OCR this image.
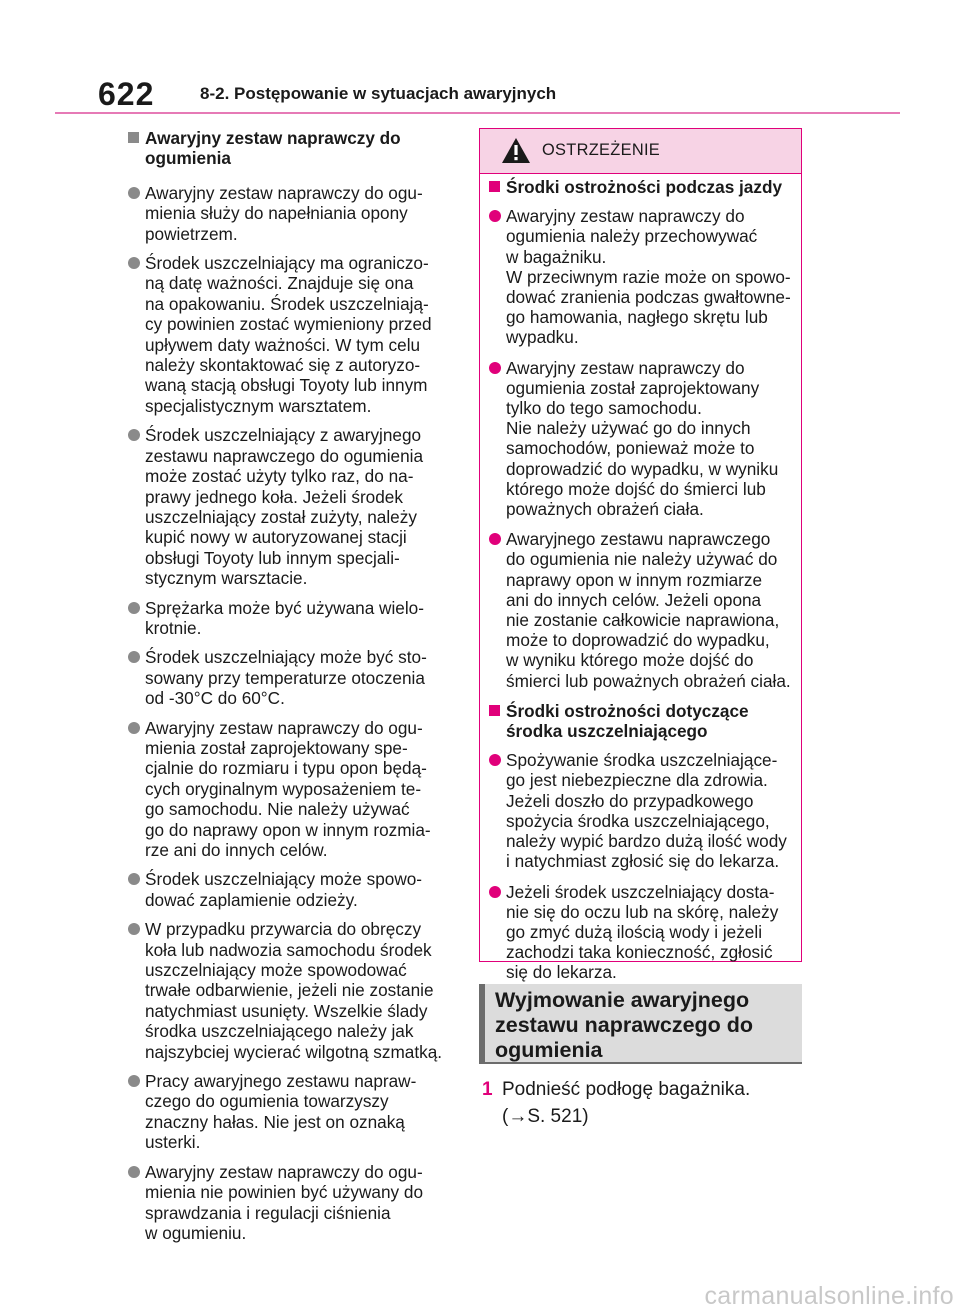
622	8-2. Postępowanie w sytuacjach awaryjnych
Awaryjny zestaw naprawczy do
ogumienia
Awaryjny zestaw naprawczy do ogu-
mienia służy do napełniania opony
powietrzem.
Środek uszczelniający ma ograniczo-
ną datę ważności. Znajduje się ona
na opakowaniu. Środek uszczelniają-
cy powinien zostać wymieniony przed
upływem daty ważności. W tym celu
należy skontaktować się z autoryzo-
waną stacją obsługi Toyoty lub innym
specjalistycznym warsztatem.
Środek uszczelniający z awaryjnego
zestawu naprawczego do ogumienia
może zostać użyty tylko raz, do na-
prawy jednego koła. Jeżeli środek
uszczelniający został zużyty, należy
kupić nowy w autoryzowanej stacji
obsługi Toyoty lub innym specjali-
stycznym warsztacie.
Sprężarka może być używana wielo-
krotnie.
Środek uszczelniający może być sto-
sowany przy temperaturze otoczenia
od -30°C do 60°C.
Awaryjny zestaw naprawczy do ogu-
mienia został zaprojektowany spe-
cjalnie do rozmiaru i typu opon będą-
cych oryginalnym wyposażeniem te-
go samochodu. Nie należy używać
go do naprawy opon w innym rozmia-
rze ani do innych celów.
Środek uszczelniający może spowo-
dować zaplamienie odzieży.
W przypadku przywarcia do obręczy
koła lub nadwozia samochodu środek
uszczelniający może spowodować
trwałe odbarwienie, jeżeli nie zostanie
natychmiast usunięty. Wszelkie ślady
środka uszczelniającego należy jak
najszybciej wycierać wilgotną szmatką.
Pracy awaryjnego zestawu napraw-
czego do ogumienia towarzyszy
znaczny hałas. Nie jest on oznaką
usterki.
Awaryjny zestaw naprawczy do ogu-
mienia nie powinien być używany do
sprawdzania i regulacji ciśnienia
w ogumieniu.
OSTRZEŻENIE
Środki ostrożności podczas jazdy
Awaryjny zestaw naprawczy do
ogumienia należy przechowywać
w bagażniku.
W przeciwnym razie może on spowo-
dować zranienia podczas gwałtowne-
go hamowania, nagłego skrętu lub
wypadku.
Awaryjny zestaw naprawczy do
ogumienia został zaprojektowany
tylko do tego samochodu.
Nie należy używać go do innych
samochodów, ponieważ może to
doprowadzić do wypadku, w wyniku
którego może dojść do śmierci lub
poważnych obrażeń ciała.
Awaryjnego zestawu naprawczego
do ogumienia nie należy używać do
naprawy opon w innym rozmiarze
ani do innych celów. Jeżeli opona
nie zostanie całkowicie naprawiona,
może to doprowadzić do wypadku,
w wyniku którego może dojść do
śmierci lub poważnych obrażeń ciała.
Środki ostrożności dotyczące
środka uszczelniającego
Spożywanie środka uszczelniające-
go jest niebezpieczne dla zdrowia.
Jeżeli doszło do przypadkowego
spożycia środka uszczelniającego,
należy wypić bardzo dużą ilość wody
i natychmiast zgłosić się do lekarza.
Jeżeli środek uszczelniający dosta-
nie się do oczu lub na skórę, należy
go zmyć dużą ilością wody i jeżeli
zachodzi taka konieczność, zgłosić
się do lekarza.
Wyjmowanie awaryjnego
zestawu naprawczego do
ogumienia
1 Podnieść podłogę bagażnika.
(→S. 521)
carmanualsonline.info
